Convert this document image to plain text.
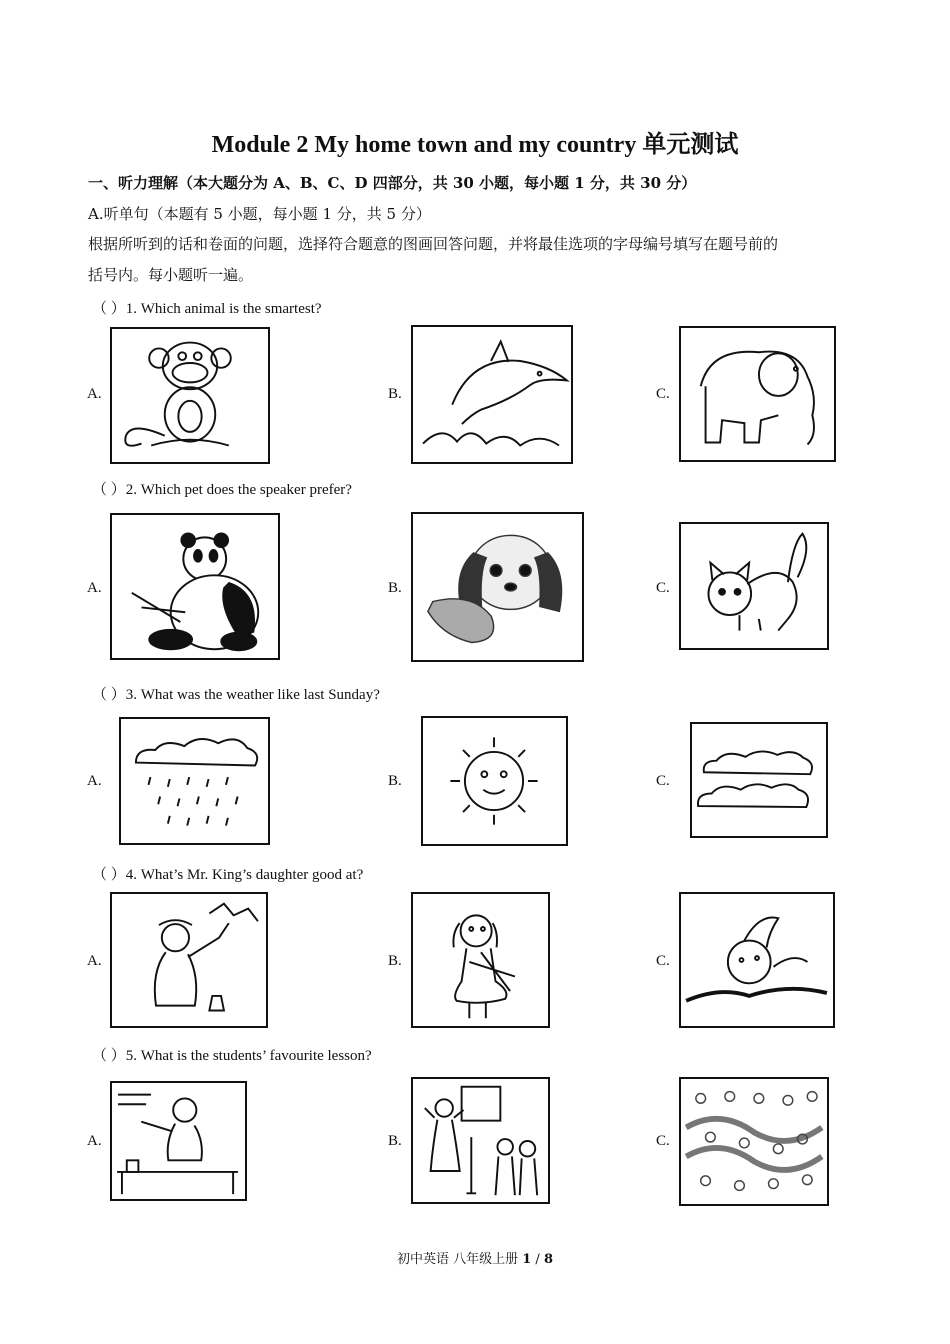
Module 2 My home town and my country 单元测试
一、听力理解（本大题分为 A、B、C、D 四部分，共 30 小题，每小题 1 分，共 30 分）
A.听单句（本题有 5 小题，每小题 1 分，共 5 分）
根据所听到的话和卷面的问题，选择符合题意的图画回答问题，并将最佳选项的字母编号填写在题号前的
括号内。每小题听一遍。
（ ）1. Which animal is the smartest?
A.	B.	C.
（ ）2. Which pet does the speaker prefer?
A.	B.	C.
（ ）3. What was the weather like last Sunday?
A.	B.	C.
（ ）4. What’s Mr. King’s daughter good at?
A.	B.	C.
（ ）5. What is the students’ favourite lesson?
A.	B.	C.
初中英语 八年级上册 1 / 8
